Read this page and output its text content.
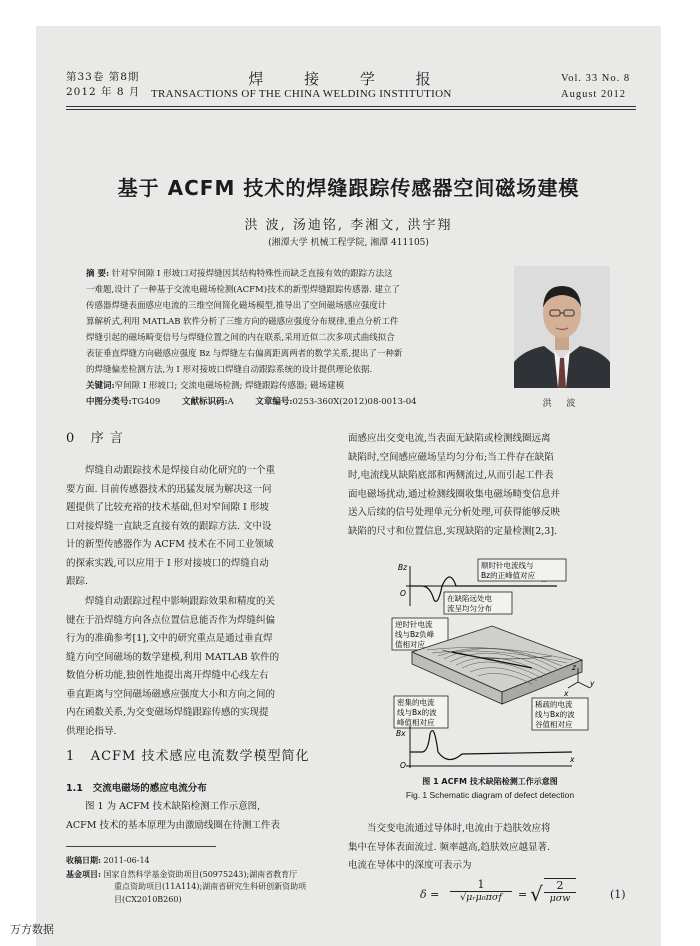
第33卷 第8期
2012 年 8 月
焊 接 学 报
TRANSACTIONS OF THE CHINA WELDING INSTITUTION
Vol. 33 No. 8
August 2012
基于 ACFM 技术的焊缝跟踪传感器空间磁场建模
洪 波, 汤迪铭, 李湘文, 洪宇翔
(湘潭大学 机械工程学院, 湘潭 411105)
摘 要: 针对窄间隙 I 形坡口对接焊缝因其结构特殊性而缺乏直接有效的跟踪方法这
一难题,设计了一种基于交流电磁场检测(ACFM)技术的新型焊缝跟踪传感器. 建立了
传感器焊缝表面感应电流的三维空间简化磁场模型,推导出了空间磁场感应强度计
算解析式,利用 MATLAB 软件分析了三维方向的磁感应强度分布规律,重点分析工件
焊缝引起的磁场畸变信号与焊缝位置之间的内在联系,采用近似二次多项式曲线拟合
表征垂直焊缝方向磁感应强度 Bz 与焊缝左右偏离距离两者的数学关系,提出了一种新
的焊缝偏差检测方法,为 I 形对接坡口焊缝自动跟踪系统的设计提供理论依据.
关键词:窄间隙 I 形坡口; 交流电磁场检测; 焊缝跟踪传感器; 磁场建模
中图分类号:TG409	文献标识码:A	文章编号:0253-360X(2012)08-0013-04	洪 波
0 序 言
焊缝自动跟踪技术是焊接自动化研究的一个重
要方面. 目前传感器技术的迅猛发展为解决这一问
题提供了比较充裕的技术基础,但对窄间隙 I 形坡
口对接焊缝一直缺乏直接有效的跟踪方法. 文中设
计的新型传感器作为 ACFM 技术在不同工业领域
的探索实践,可以应用于 I 形对接坡口的焊缝自动
跟踪.
焊缝自动跟踪过程中影响跟踪效果和精度的关
键在于沿焊缝方向各点位置信息能否作为焊缝纠偏
行为的准确参考[1],文中的研究重点是通过垂直焊
缝方向空间磁场的数学建模,利用 MATLAB 软件的
数值分析功能,独创性地提出离开焊缝中心线左右
垂直距离与空间磁场磁感应强度大小和方向之间的
内在函数关系,为交变磁场焊缝跟踪传感的实现提
供理论指导.
1 ACFM 技术感应电流数学模型简化
1.1 交流电磁场的感应电流分布
图 1 为 ACFM 技术缺陷检测工作示意图,
ACFM 技术的基本原理为由激励线圈在待测工件表
收稿日期: 2011-06-14
基金项目: 国家自然科学基金资助项目(50975243);湖南省教育厅
重点资助项目(11A114);湖南省研究生科研创新资助项
目(CX2010B260)
面感应出交变电流,当表面无缺陷或检测线圈远离
缺陷时,空间感应磁场呈均匀分布;当工件存在缺陷
时,电流线从缺陷底部和两侧流过,从而引起工件表
面电磁场扰动,通过检测线圈收集电磁场畸变信息并
送入后续的信号处理单元分析处理,可获得能够反映
缺陷的尺寸和位置信息,实现缺陷的定量检测[2,3].
Bz
O
顺时针电流线与
Bz的正峰值对应
在缺陷远处电
流呈均匀分布
逆时针电流
线与Bz负峰
值相对应
z
y
x
密集的电流
线与Bx的波
峰值相对应
稀疏的电流
线与Bx的波
谷值相对应
Bx
O
x
图 1 ACFM 技术缺陷检测工作示意图
Fig. 1 Schematic diagram of defect detection
当交变电流通过导体时,电流由于趋肤效应将
集中在导体表面流过. 频率越高,趋肤效应越显著.
电流在导体中的深度可表示为
δ =
1
√μᵣμ₀πσf	= √	2
μσw	(1)
万方数据
